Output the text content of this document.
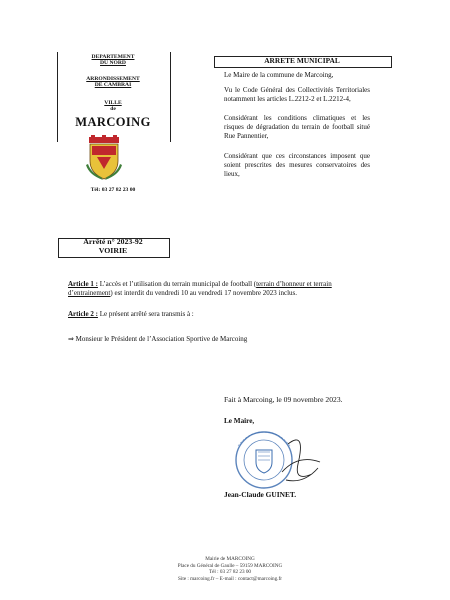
DEPARTEMENT
DU NORD
ARRONDISSEMENT
DE CAMBRAI
VILLE
de
MARCOING
Tél: 03 27 82 23 00
ARRETE MUNICIPAL
Le Maire de la commune de Marcoing,
Vu le Code Général des Collectivités Territoriales notamment les articles L.2212-2 et L.2212-4,
Considérant les conditions climatiques et les risques de dégradation du terrain de football situé Rue Pannentier,
Considérant que ces circonstances imposent que soient prescrites des mesures conservatoires des lieux,
Arrêté n° 2023-92
VOIRIE
Article 1 : L’accès et l’utilisation du terrain municipal de football (terrain d’honneur et terrain d’entrainement) est interdit du vendredi 10 au vendredi 17 novembre 2023 inclus.
Article 2 : Le présent arrêté sera transmis à :
⇒ Monsieur le Président de l’Association Sportive de Marcoing
Fait à Marcoing, le 09 novembre 2023.
Le Maire,
Jean-Claude GUINET.
Mairie de MARCOING
Place du Général de Gaulle – 59159 MARCOING
Tél : 03 27 82 23 00
Site : marcoing.fr – E-mail : contact@marcoing.fr
